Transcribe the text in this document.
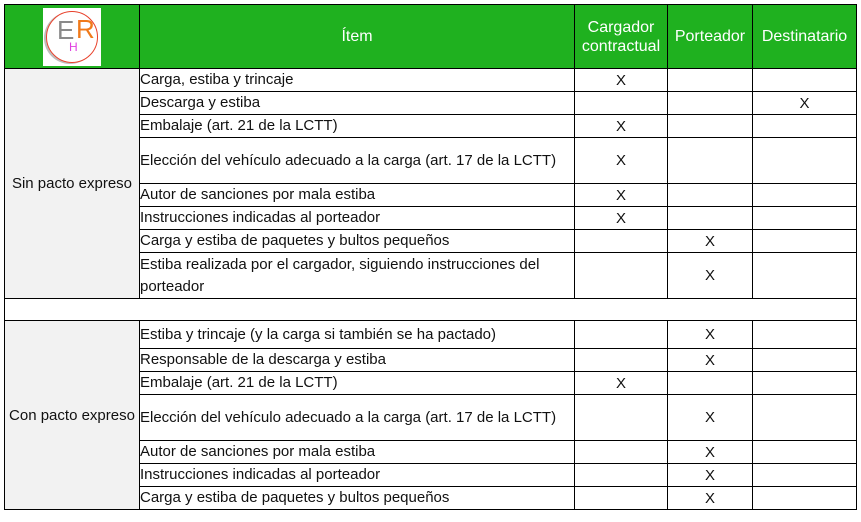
E
H
R	Ítem	Cargador contractual	Porteador	Destinatario
Sin pacto expreso	Carga, estiba y trincaje	X		
	Descarga y estiba			X
	Embalaje (art. 21 de la LCTT)	X		
	Elección del vehículo adecuado a la carga (art. 17 de la LCTT)	X		
	Autor de sanciones por mala estiba	X		
	Instrucciones indicadas al porteador	X		
	Carga y estiba de paquetes y bultos pequeños		X	
	Estiba realizada por el cargador, siguiendo instrucciones del porteador		X	

Con pacto expreso	Estiba y trincaje (y la carga si también se ha pactado)		X	
	Responsable de la descarga y estiba		X	
	Embalaje (art. 21 de la LCTT)	X		
	Elección del vehículo adecuado a la carga (art. 17 de la LCTT)		X	
	Autor de sanciones por mala estiba		X	
	Instrucciones indicadas al porteador		X	
	Carga y estiba de paquetes y bultos pequeños		X	
